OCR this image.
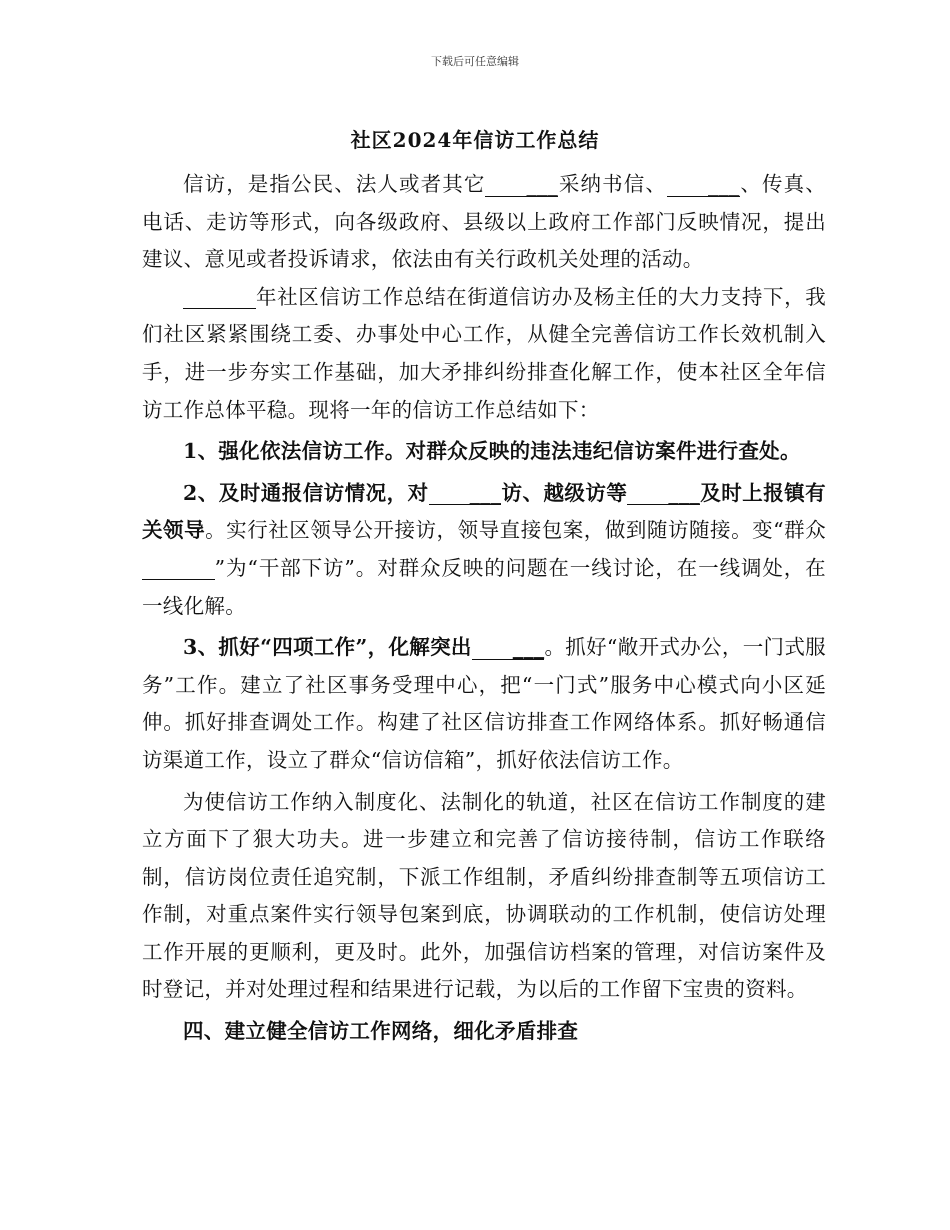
下载后可任意编辑
社区2024年信访工作总结

信访，是指公民、法人或者其它 ___采纳书信、 ___、传真、电话、走访等形式，向各级政府、县级以上政府工作部门反映情况，提出建议、意见或者投诉请求，依法由有关行政机关处理的活动。

___年社区信访工作总结在街道信访办及杨主任的大力支持下，我们社区紧紧围绕工委、办事处中心工作，从健全完善信访工作长效机制入手，进一步夯实工作基础，加大矛排纠纷排查化解工作，使本社区全年信访工作总体平稳。现将一年的信访工作总结如下：

1、强化依法信访工作。对群众反映的违法违纪信访案件进行查处。

2、及时通报信访情况，对 ___访、越级访等 ___及时上报镇有关领导。实行社区领导公开接访，领导直接包案，做到随访随接。变“群众___”为“干部下访”。对群众反映的问题在一线讨论，在一线调处，在一线化解。

3、抓好“四项工作”，化解突出 ___。抓好“敞开式办公，一门式服务”工作。建立了社区事务受理中心，把“一门式”服务中心模式向小区延伸。抓好排查调处工作。构建了社区信访排查工作网络体系。抓好畅通信访渠道工作，设立了群众“信访信箱”，抓好依法信访工作。

为使信访工作纳入制度化、法制化的轨道，社区在信访工作制度的建立方面下了狠大功夫。进一步建立和完善了信访接待制，信访工作联络制，信访岗位责任追究制，下派工作组制，矛盾纠纷排查制等五项信访工作制，对重点案件实行领导包案到底，协调联动的工作机制，使信访处理工作开展的更顺利，更及时。此外，加强信访档案的管理，对信访案件及时登记，并对处理过程和结果进行记载，为以后的工作留下宝贵的资料。

四、建立健全信访工作网络，细化矛盾排查
